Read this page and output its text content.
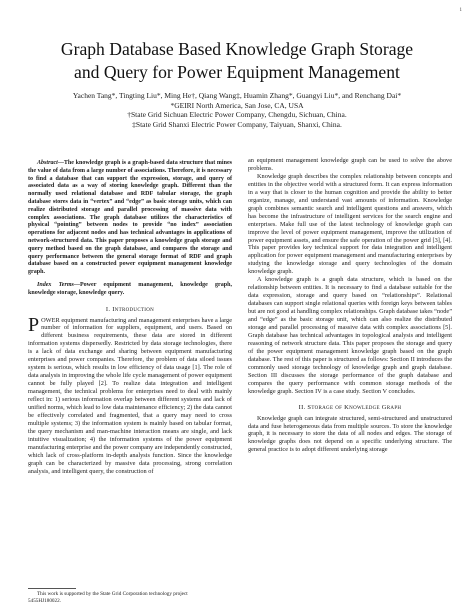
1
Graph Database Based Knowledge Graph Storage
and Query for Power Equipment Management
Yachen Tang*, Tingting Liu*, Ming He†, Qiang Wang‡, Huamin Zhang*, Guangyi Liu*, and Renchang Dai*
*GEIRI North America, San Jose, CA, USA
†State Grid Sichuan Electric Power Company, Chengdu, Sichuan, China.
‡State Grid Shanxi Electric Power Company, Taiyuan, Shanxi, China.

Abstract—The knowledge graph is a graph-based data structure that mines the value of data from a large number of associations. Therefore, it is necessary to find a database that can support the expression, storage, and query of associated data as a way of storing knowledge graph. Different than the normally used relational database and RDF tabular storage, the graph database stores data in “vertex” and “edge” as basic storage units, which can realize distributed storage and parallel processing of massive data with complex associations. The graph database utilizes the characteristics of physical “pointing” between nodes to provide “no index” association operations for adjacent nodes and has technical advantages in applications of network-structured data. This paper proposes a knowledge graph storage and query method based on the graph database, and compares the storage and query performance between the general storage format of RDF and graph database based on a constructed power equipment management knowledge graph.

Index Terms—Power equipment management, knowledge graph, knowledge storage, knowledge query.

I. Introduction

POWER equipment manufacturing and management enterprises have a large number of information for suppliers, equipment, and users. Based on different business requirements, these data are stored in different information systems dispersedly. Restricted by data storage technologies, there is a lack of data exchange and sharing between equipment manufacturing enterprises and power companies. Therefore, the problem of data siloed issues system is serious, which results in low efficiency of data usage [1]. The role of data analysis in improving the whole life cycle management of power equipment cannot be fully played [2]. To realize data integration and intelligent management, the technical problems for enterprises need to deal with mainly reflect in: 1) serious information overlap between different systems and lack of unified norms, which lead to low data maintenance efficiency; 2) the data cannot be effectively correlated and fragmented, that a query may need to cross multiple systems; 3) the information system is mainly based on tabular format, the query mechanism and man-machine interaction means are single, and lack intuitive visualization; 4) the information systems of the power equipment manufacturing enterprise and the power company are independently constructed, which lack of cross-platform in-depth analysis function. Since the knowledge graph can be characterized by massive data processing, strong correlation analysis, and intelligent query, the construction of

an equipment management knowledge graph can be used to solve the above problems.

Knowledge graph describes the complex relationship between concepts and entities in the objective world with a structured form. It can express information in a way that is closer to the human cognition and provide the ability to better organize, manage, and understand vast amounts of information. Knowledge graph combines semantic search and intelligent questions and answers, which has become the infrastructure of intelligent services for the search engine and enterprises. Make full use of the latest technology of knowledge graph can improve the level of power equipment management, improve the utilization of power equipment assets, and ensure the safe operation of the power grid [3], [4]. This paper provides key technical support for data integration and intelligent application for power equipment management and manufacturing enterprises by studying the knowledge storage and query technologies of the domain knowledge graph.

A knowledge graph is a graph data structure, which is based on the relationship between entities. It is necessary to find a database suitable for the data expression, storage and query based on “relationships”. Relational databases can support single relational queries with foreign keys between tables but are not good at handling complex relationships. Graph database takes “node” and “edge” as the basic storage unit, which can also realize the distributed storage and parallel processing of massive data with complex associations [5]. Graph database has technical advantages in topological analysis and intelligent reasoning of network structure data. This paper proposes the storage and query of the power equipment management knowledge graph based on the graph database. The rest of this paper is structured as follows: Section II introduces the commonly used storage technology of knowledge graph and graph database. Section III discusses the storage performance of the graph database and compares the query performance with common storage methods of the knowledge graph. Section IV is a case study. Section V concludes.

II. Storage of Knowledge Graph

Knowledge graph can integrate structured, semi-structured and unstructured data and fuse heterogeneous data from multiple sources. To store the knowledge graph, it is necessary to store the data of all nodes and edges. The storage of knowledge graphs does not depend on a specific underlying structure. The general practice is to adopt different underlying storage

This work is supported by the State Grid Corporation technology project

5455HJ180022.
